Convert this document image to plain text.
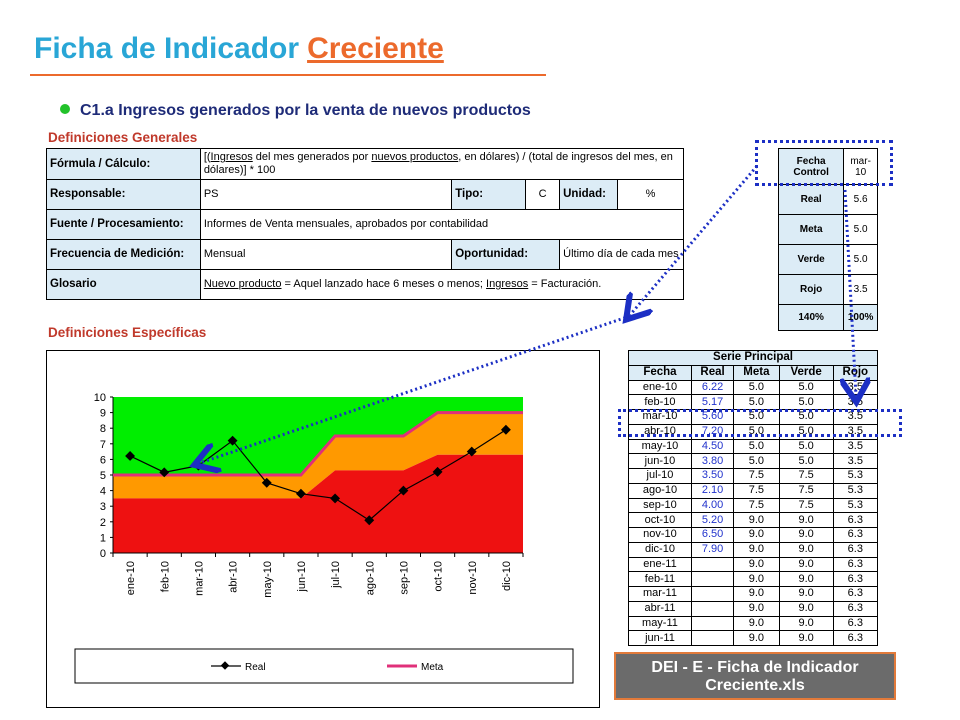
Ficha de Indicador Creciente
C1.a Ingresos generados por la venta de nuevos productos
Definiciones Generales
Fórmula / Cálculo:	[(Ingresos del mes generados por nuevos productos, en dólares) / (total de ingresos del mes, en dólares)] * 100				
Responsable:	PS	Tipo:	C	Unidad:	%
Fuente / Procesamiento:	Informes de Venta mensuales, aprobados por contabilidad				
Frecuencia de Medición:	Mensual	Oportunidad:		Último día de cada mes	
Glosario	Nuevo producto = Aquel lanzado hace 6 meses o menos; Ingresos = Facturación.				
Definiciones Específicas
0
1
2
3
4
5
6
7
8
9
10
ene-10 feb-10 mar-10 abr-10 may-10 jun-10 jul-10 ago-10 sep-10 oct-10 nov-10 dic-10
Real	Meta
Fecha Control	mar-10
Real	5.6
Meta	5.0
Verde	5.0
Rojo	3.5
140%	100%
Serie Principal				
Fecha	Real	Meta	Verde	Rojo
ene-10	6.22	5.0	5.0	3.5
feb-10	5.17	5.0	5.0	3.5
mar-10	5.60	5.0	5.0	3.5
abr-10	7.20	5.0	5.0	3.5
may-10	4.50	5.0	5.0	3.5
jun-10	3.80	5.0	5.0	3.5
jul-10	3.50	7.5	7.5	5.3
ago-10	2.10	7.5	7.5	5.3
sep-10	4.00	7.5	7.5	5.3
oct-10	5.20	9.0	9.0	6.3
nov-10	6.50	9.0	9.0	6.3
dic-10	7.90	9.0	9.0	6.3
ene-11		9.0	9.0	6.3
feb-11		9.0	9.0	6.3
mar-11		9.0	9.0	6.3
abr-11		9.0	9.0	6.3
may-11		9.0	9.0	6.3
jun-11		9.0	9.0	6.3
DEI - E - Ficha de Indicador Creciente.xls
